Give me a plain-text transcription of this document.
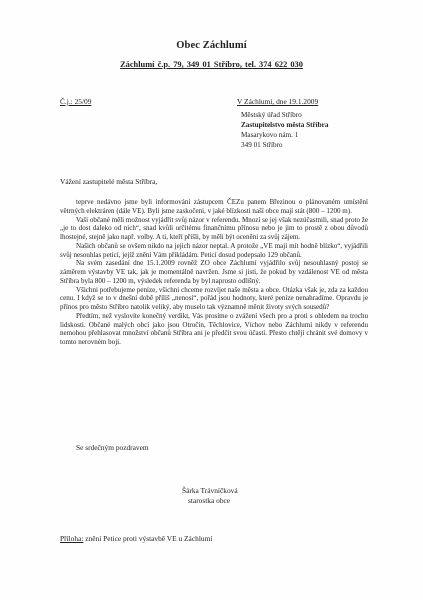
Obec Záchlumí
Záchlumí č.p. 79, 349 01 Stříbro, tel. 374 622 030
Č.j.: 25/09	V Záchlumí, dne 19.1.2009
Městský úřad Stříbro
Zastupitelstvo města Stříbra
Masarykovo nám. 1
349 01 Stříbro
Vážení zastupitelé města Stříbra,

teprve nedávno jsme byli informováni zástupcem ČEZu panem Březinou o plánovaném umístění větrných elektráren (dále VE). Byli jsme zaskočeni, v jaké blízkosti naší obce mají stát (800 – 1200 m).

Vaši občané měli možnost vyjádřit svůj názor v referendu. Mnozí se jej však nezúčastnili, snad proto že „je to dost daleko od nich“, snad kvůli určitému finančnímu přínosu nebo je jim to prostě z obou důvodů lhostejné, stejně jako např. volby. A ti, kteří přišli, by měli být oceněni za svůj zájem.

Našich občanů se ovšem nikdo na jejich názor neptal. A protože „VE mají mít hodně blízko“, vyjádřili svůj nesouhlas peticí, jejíž znění Vám přikládám. Peticí dosud podepsalo 129 občanů.

Na svém zasedání dne 15.1.2009 rovněž ZO obce Záchlumí vyjádřilo svůj nesouhlasný postoj se záměrem výstavby VE tak, jak je momentálně navržen. Jsme si jisti, že pokud by vzdálenost VE od města Stříbra byla 800 – 1200 m, výsledek referenda by byl naprosto odlišný.

Všichni potřebujeme peníze, všichni chceme rozvíjet naše města a obce. Otázka však je, zda za každou cenu. I když se to v dnešní době příliš „nenosí“, pořád jsou hodnoty, které peníze nenahradíme. Opravdu je přínos pro město Stříbro natolik veliký, aby muselo tak významně měnit životy svých sousedů?

Předtím, než vyslovíte konečný verdikt, Vás prosíme o zvážení všech pro a proti s ohledem na trochu lidskosti. Občané malých obcí jako jsou Otročín, Těchlovice, Víchov nebo Záchlumí nikdy v referendu nemohou přehlasovat množství občanů Stříbra ani je předčit svou účastí. Přesto chtějí chránit své domovy v tomto nerovném boji.

Se srdečným pozdravem
Šárka Trávníčková
starostka obce
Příloha: znění Petice proti výstavbě VE u Záchlumí
